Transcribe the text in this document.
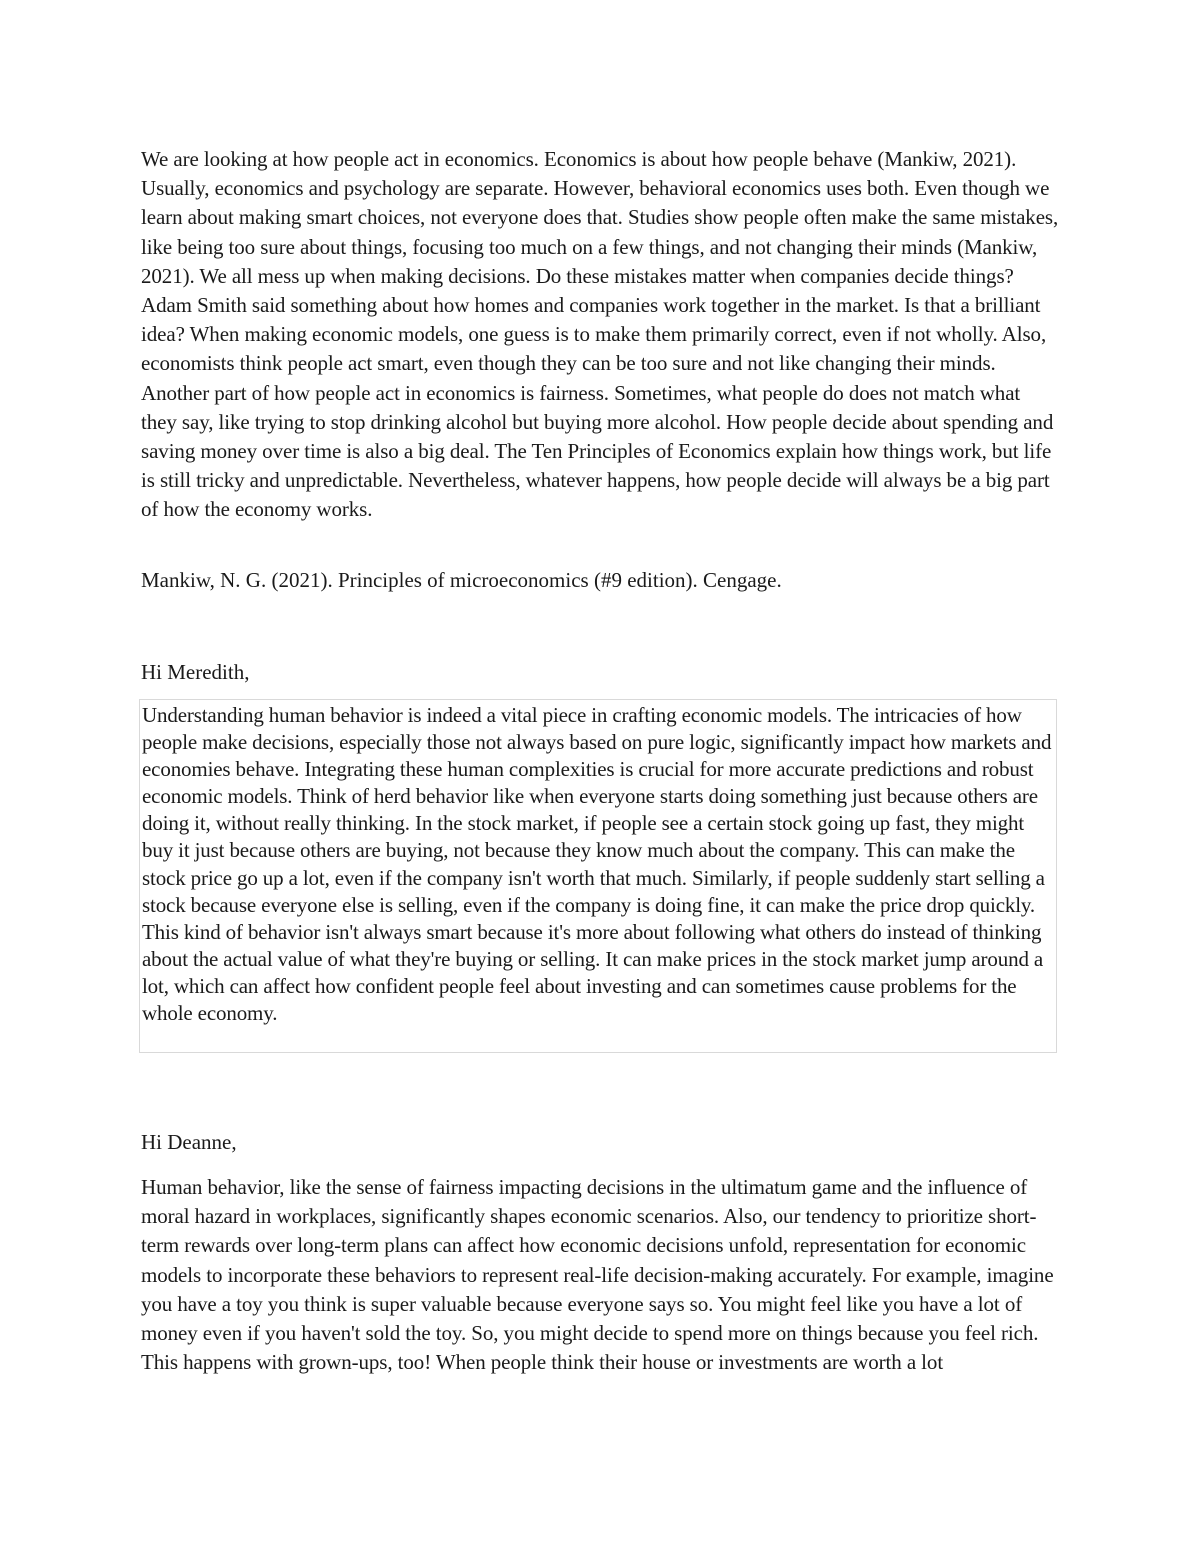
We are looking at how people act in economics. Economics is about how people behave (Mankiw, 2021). Usually, economics and psychology are separate. However, behavioral economics uses both. Even though we learn about making smart choices, not everyone does that. Studies show people often make the same mistakes, like being too sure about things, focusing too much on a few things, and not changing their minds (Mankiw, 2021). We all mess up when making decisions. Do these mistakes matter when companies decide things? Adam Smith said something about how homes and companies work together in the market. Is that a brilliant idea? When making economic models, one guess is to make them primarily correct, even if not wholly. Also, economists think people act smart, even though they can be too sure and not like changing their minds. Another part of how people act in economics is fairness. Sometimes, what people do does not match what they say, like trying to stop drinking alcohol but buying more alcohol. How people decide about spending and saving money over time is also a big deal. The Ten Principles of Economics explain how things work, but life is still tricky and unpredictable. Nevertheless, whatever happens, how people decide will always be a big part of how the economy works.

Mankiw, N. G. (2021). Principles of microeconomics (#9 edition). Cengage.

Hi Meredith,

Understanding human behavior is indeed a vital piece in crafting economic models. The intricacies of how people make decisions, especially those not always based on pure logic, significantly impact how markets and economies behave. Integrating these human complexities is crucial for more accurate predictions and robust economic models. Think of herd behavior like when everyone starts doing something just because others are doing it, without really thinking. In the stock market, if people see a certain stock going up fast, they might buy it just because others are buying, not because they know much about the company. This can make the stock price go up a lot, even if the company isn't worth that much. Similarly, if people suddenly start selling a stock because everyone else is selling, even if the company is doing fine, it can make the price drop quickly. This kind of behavior isn't always smart because it's more about following what others do instead of thinking about the actual value of what they're buying or selling. It can make prices in the stock market jump around a lot, which can affect how confident people feel about investing and can sometimes cause problems for the whole economy.

Hi Deanne,

Human behavior, like the sense of fairness impacting decisions in the ultimatum game and the influence of moral hazard in workplaces, significantly shapes economic scenarios. Also, our tendency to prioritize short-term rewards over long-term plans can affect how economic decisions unfold, representation for economic models to incorporate these behaviors to represent real-life decision-making accurately. For example, imagine you have a toy you think is super valuable because everyone says so. You might feel like you have a lot of money even if you haven't sold the toy. So, you might decide to spend more on things because you feel rich. This happens with grown-ups, too! When people think their house or investments are worth a lot
